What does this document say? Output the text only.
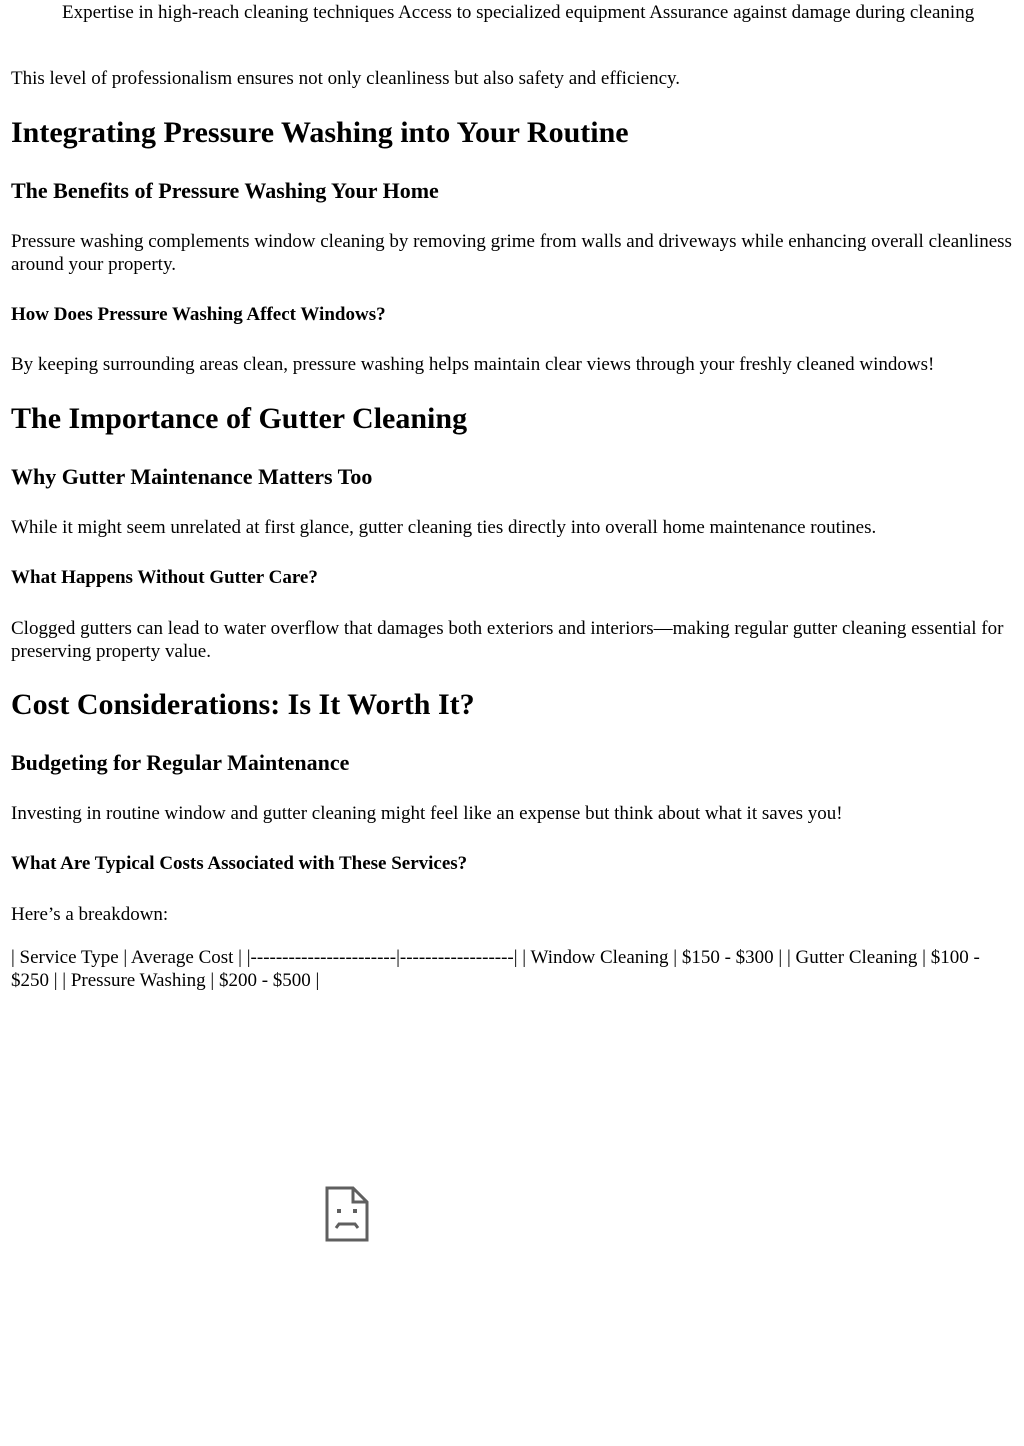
Expertise in high-reach cleaning techniques Access to specialized equipment Assurance against damage during cleaning

This level of professionalism ensures not only cleanliness but also safety and efficiency.

Integrating Pressure Washing into Your Routine
The Benefits of Pressure Washing Your Home

Pressure washing complements window cleaning by removing grime from walls and driveways while enhancing overall cleanliness around your property.

How Does Pressure Washing Affect Windows?

By keeping surrounding areas clean, pressure washing helps maintain clear views through your freshly cleaned windows!

The Importance of Gutter Cleaning
Why Gutter Maintenance Matters Too

While it might seem unrelated at first glance, gutter cleaning ties directly into overall home maintenance routines.

What Happens Without Gutter Care?

Clogged gutters can lead to water overflow that damages both exteriors and interiors—making regular gutter cleaning essential for preserving property value.

Cost Considerations: Is It Worth It?
Budgeting for Regular Maintenance

Investing in routine window and gutter cleaning might feel like an expense but think about what it saves you!

What Are Typical Costs Associated with These Services?

Here’s a breakdown:

| Service Type | Average Cost | |-----------------------|------------------| | Window Cleaning | $150 - $300 | | Gutter Cleaning | $100 - $250 | | Pressure Washing | $200 - $500 |
